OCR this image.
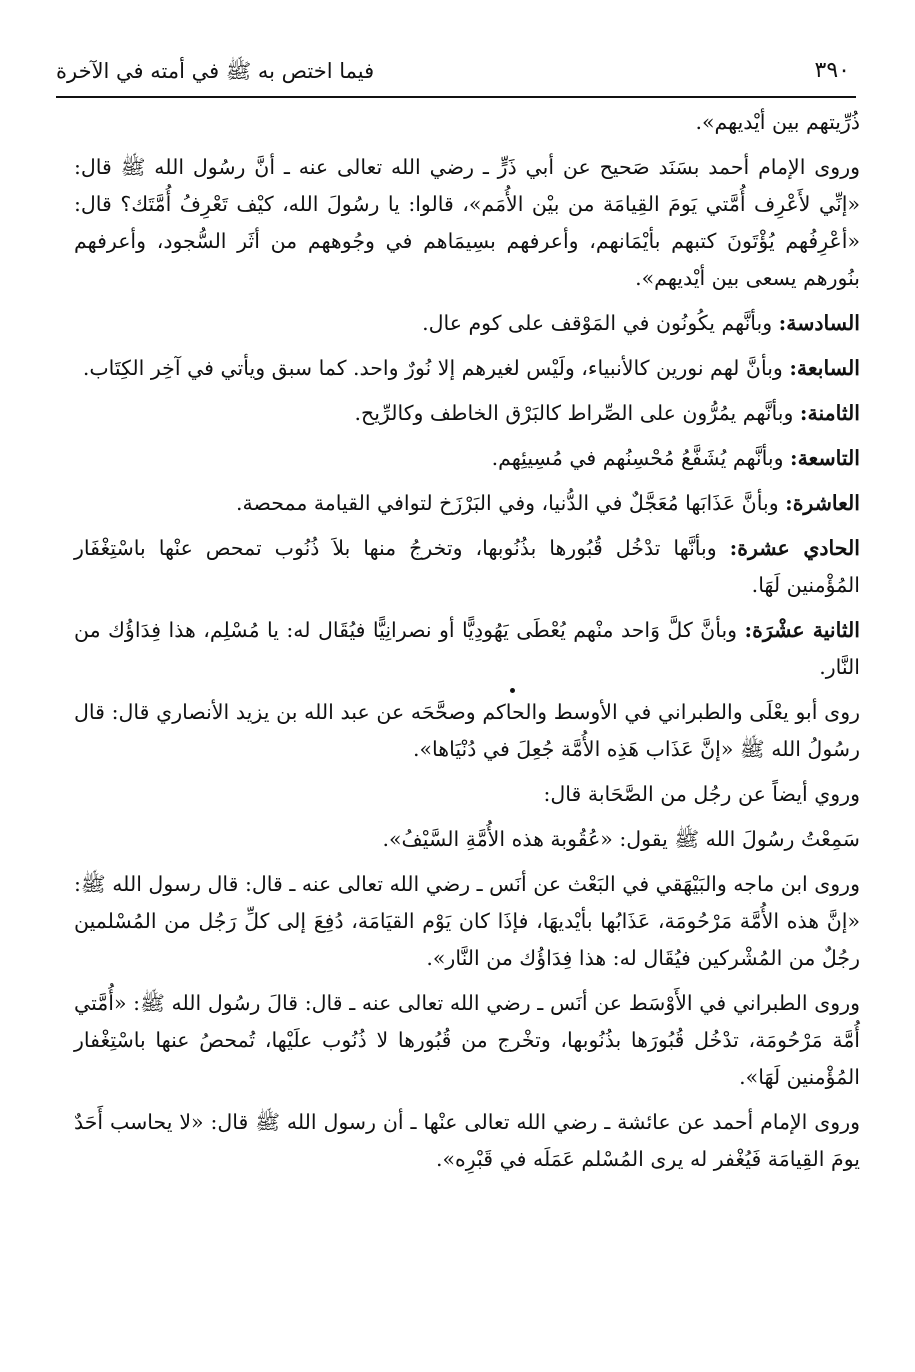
٣٩٠
فيما اختص به ﷺ في أمته في الآخرة

ذُرِّيتهم بين أيْديهم».

وروى الإمام أحمد بسَنَد صَحيح عن أبي ذَرٍّ ـ رضي الله تعالى عنه ـ أنَّ رسُول الله ﷺ قال: «إنِّي لأَعْرِف أُمَّتي يَومَ القِيامَة من بيْن الأُمَم»، قالوا: يا رسُولَ الله، كيْف تَعْرِفُ أُمَّتَك؟ قال: «أعْرِفُهم يُؤْتَونَ كتبهم بأيْمَانهم، وأعرفهم بسِيمَاهم في وجُوههم من أثَر السُّجود، وأعرفهم بنُورهم يسعى بين أيْديهم».

السادسة: وبأنَّهم يكُونُون في المَوْقف على كوم عال.

السابعة: وبأنَّ لهم نورين كالأنبياء، ولَيْس لغيرهم إلا نُورٌ واحد. كما سبق ويأتي في آخِر الكِتَاب.

الثامنة: وبأنَّهم يمُرُّون على الصِّراط كالبَرْق الخاطف وكالرِّيح.

التاسعة: وبأنَّهم يُشَفَّعُ مُحْسِنُهم في مُسِيئِهم.

العاشرة: وبأنَّ عَذَابَها مُعَجَّلٌ في الدُّنيا، وفي البَرْزَخ لتوافي القيامة ممحصة.

الحادي عشرة: وبأنَّها تدْخُل قُبُورها بذُنُوبها، وتخرجُ منها بلاَ ذُنُوب تمحص عنْها باسْتِغْفَار المُؤْمنين لَهَا.

الثانية عشْرَة: وبأنَّ كلَّ وَاحد منْهم يُعْطَى يَهُودِيًّا أو نصرانِيًّا فيُقَال له: يا مُسْلِم، هذا فِدَاؤُك من النَّار.

روى أبو يعْلَى والطبراني في الأوسط والحاكم وصحَّحَه عن عبد الله بن يزيد الأنصاري قال: قال رسُولُ الله ﷺ «إنَّ عَذَاب هَذِه الأُمَّة جُعِلَ في دُنْيَاها».

وروي أيضاً عن رجُل من الصَّحَابة قال:

سَمِعْتُ رسُولَ الله ﷺ يقول: «عُقُوبة هذه الأُمَّةِ السَّيْفُ».

وروى ابن ماجه والبَيْهَقي في البَعْث عن أنَس ـ رضي الله تعالى عنه ـ قال: قال رسول الله ﷺ: «إنَّ هذه الأُمَّة مَرْحُومَة، عَذَابُها بأيْديهَا، فإذَا كان يَوْم القيَامَة، دُفِعَ إلى كلِّ رَجُل من المُسْلمين رجُلٌ من المُشْركين فيُقَال له: هذا فِدَاؤُك من النَّار».

وروى الطبراني في الأَوْسَط عن أنَس ـ رضي الله تعالى عنه ـ قال: قالَ رسُول الله ﷺ: «أُمَّتي أُمَّة مَرْحُومَة، تدْخُل قُبُورَها بذُنُوبها، وتخْرج من قُبُورها لا ذُنُوب علَيْها، تُمحصُ عنها باسْتِغْفار المُؤْمنين لَهَا».

وروى الإمام أحمد عن عائشة ـ رضي الله تعالى عنْها ـ أن رسول الله ﷺ قال: «لا يحاسب أَحَدٌ يومَ القِيامَة فَيُغْفر له يرى المُسْلم عَمَلَه في قَبْرِه».
